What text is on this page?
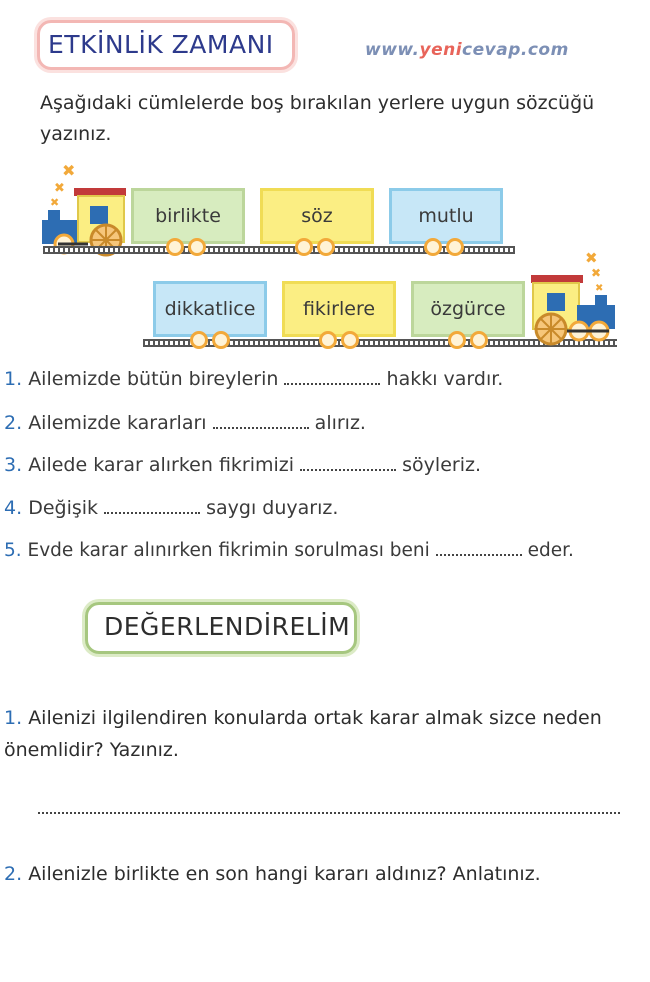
ETKİNLİK ZAMANI	www.yenicevap.com
Aşağıdaki cümlelerde boş bırakılan yerlere uygun sözcüğü yazınız.
✖
✖
✖
birlikte	söz	mutlu
dikkatlice	fikirlere	özgürce
✖
✖
✖
1. Ailemizde bütün bireylerin	hakkı vardır.
2. Ailemizde kararları	alırız.
3. Ailede karar alırken fikrimizi	söyleriz.
4. Değişik	saygı duyarız.
5. Evde karar alınırken fikrimin sorulması beni	eder.
DEĞERLENDİRELİM
1. Ailenizi ilgilendiren konularda ortak karar almak sizce neden önemlidir? Yazınız.
2. Ailenizle birlikte en son hangi kararı aldınız? Anlatınız.
